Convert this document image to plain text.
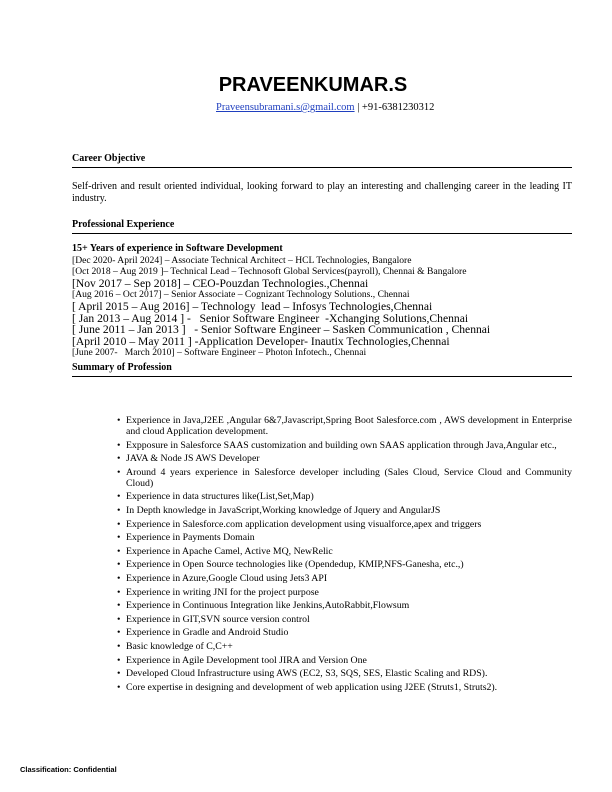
PRAVEENKUMAR.S
Praveensubramani.s@gmail.com | +91-6381230312
Career Objective
Self-driven and result oriented individual, looking forward to play an interesting and challenging career in the leading IT industry.
Professional Experience
15+ Years of experience in Software Development
[Dec 2020- April 2024] – Associate Technical Architect – HCL Technologies, Bangalore
[Oct 2018 – Aug 2019 ]– Technical Lead – Technosoft Global Services(payroll), Chennai & Bangalore
[Nov 2017 – Sep 2018] – CEO-Pouzdan Technologies.,Chennai
[Aug 2016 – Oct 2017] – Senior Associate – Cognizant Technology Solutions., Chennai
[ April 2015 – Aug 2016] – Technology  lead – Infosys Technologies,Chennai
[ Jan 2013 – Aug 2014 ] -   Senior Software Engineer  -Xchanging Solutions,Chennai
[ June 2011 – Jan 2013 ]   - Senior Software Engineer – Sasken Communication , Chennai
[April 2010 – May 2011 ] -Application Developer- Inautix Technologies,Chennai
[June 2007-   March 2010] – Software Engineer – Photon Infotech., Chennai
Summary of Profession
• Experience in Java,J2EE ,Angular 6&7,Javascript,Spring Boot Salesforce.com , AWS development in Enterprise and cloud Application development.
• Expposure in Salesforce SAAS customization and building own SAAS application through Java,Angular etc.,
• JAVA & Node JS AWS Developer
• Around 4 years experience in Salesforce developer including (Sales Cloud, Service Cloud and Community Cloud)
• Experience in data structures like(List,Set,Map)
• In Depth knowledge in JavaScript,Working knowledge of Jquery and AngularJS
• Experience in Salesforce.com application development using visualforce,apex and triggers
• Experience in Payments Domain
• Experience in Apache Camel, Active MQ, NewRelic
• Experience in Open Source technologies like (Opendedup, KMIP,NFS-Ganesha, etc.,)
• Experience in Azure,Google Cloud using Jets3 API
• Experience in writing JNI for the project purpose
• Experience in Continuous Integration like Jenkins,AutoRabbit,Flowsum
• Experience in GIT,SVN source version control
• Experience in Gradle and Android Studio
• Basic knowledge of C,C++
• Experience in Agile Development tool JIRA and Version One
• Developed Cloud Infrastructure using AWS (EC2, S3, SQS, SES, Elastic Scaling and RDS).
• Core expertise in designing and development of web application using J2EE (Struts1, Struts2).
Classification: Confidential
